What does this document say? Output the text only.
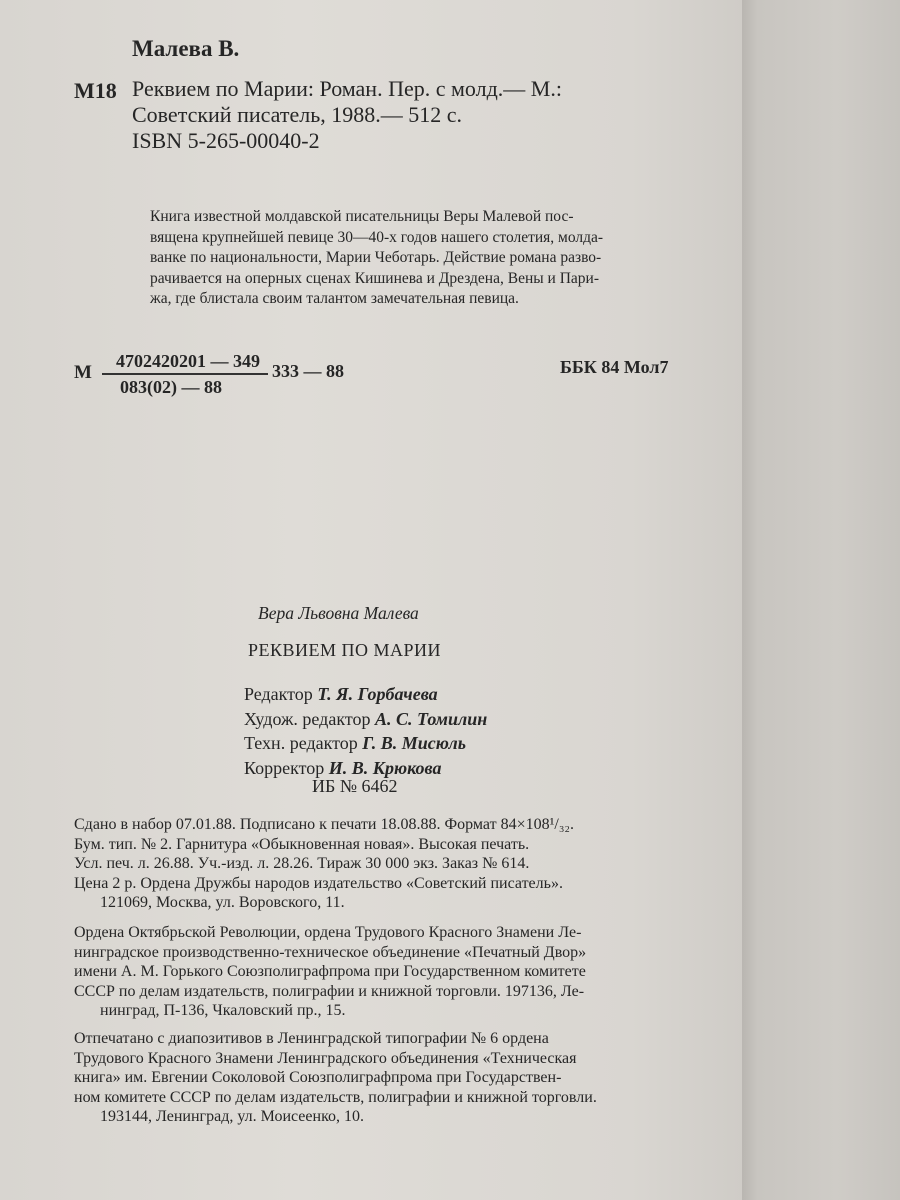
Малева В.
М18 Реквием по Марии: Роман. Пер. с молд.— М.:
Советский писатель, 1988.— 512 с.
ISBN 5-265-00040-2
Книга известной молдавской писательницы Веры Малевой пос-
вящена крупнейшей певице 30—40-х годов нашего столетия, молда-
ванке по национальности, Марии Чеботарь. Действие романа разво-
рачивается на оперных сценах Кишинева и Дрездена, Вены и Пари-
жа, где блистала своим талантом замечательная певица.
М $\frac{4702420201 — 349}{083(02) — 88} 333$ — 88	ББК 84 Мол7
Вера Львовна Малева
РЕКВИЕМ ПО МАРИИ
Редактор Т. Я. Горбачева
Худож. редактор А. С. Томилин
Техн. редактор Г. В. Мисюль
Корректор И. В. Крюкова
ИБ № 6462
Сдано в набор 07.01.88. Подписано к печати 18.08.88. Формат 84×108¹/₃₂.
Бум. тип. № 2. Гарнитура «Обыкновенная новая». Высокая печать.
Усл. печ. л. 26.88. Уч.-изд. л. 28.26. Тираж 30 000 экз. Заказ № 614.
Цена 2 р. Ордена Дружбы народов издательство «Советский писатель».
121069, Москва, ул. Воровского, 11.
Ордена Октябрьской Революции, ордена Трудового Красного Знамени Ле-
нинградское производственно-техническое объединение «Печатный Двор»
имени А. М. Горького Союзполиграфпрома при Государственном комитете
СССР по делам издательств, полиграфии и книжной торговли. 197136, Ле-
нинград, П-136, Чкаловский пр., 15.
Отпечатано с диапозитивов в Ленинградской типографии № 6 ордена
Трудового Красного Знамени Ленинградского объединения «Техническая
книга» им. Евгении Соколовой Союзполиграфпрома при Государствен-
ном комитете СССР по делам издательств, полиграфии и книжной торговли.
193144, Ленинград, ул. Моисеенко, 10.
